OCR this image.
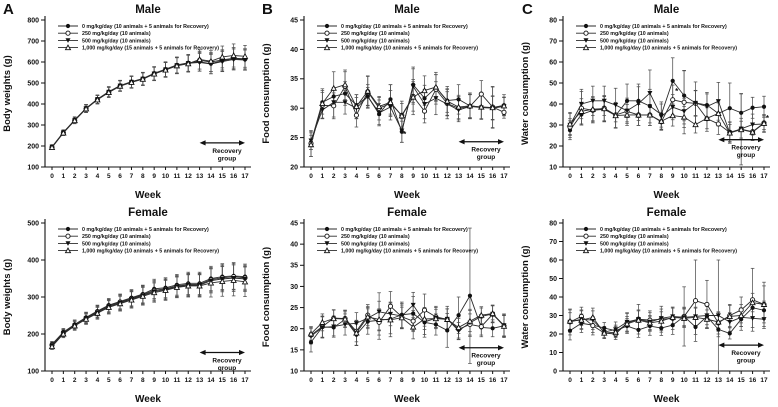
A	B	C
100
200
300
400
500
600
700
800
0 1 2 3 4 5 6 7 8 9 10 11 12 13 14 15 16 17
Male
Week
Body weights (g)
0 mg/kg/day (10 animals + 5 animals for Recovery)
250 mg/kg/day (10 animals)
500 mg/kg/day (10 animals)
1,000 mg/kg/day (15 animals + 5 animals for Recovery)
Recovery
group
20
25
30
35
40
45
0 1 2 3 4 5 6 7 8 9 10 11 12 13 14 15 16 17
Male
Week
Food consumption (g)
0 mg/kg/day (10 animals + 5 animals for Recovery)
250 mg/kg/day (10 animals)
500 mg/kg/day (10 animals)
1,000 mg/kg/day (10 animals + 5 animals for Recovery)
Recovery
group
*
10
20
30
40
50
60
70
80
0 1 2 3 4 5 6 7 8 9 10 11 12 13 14 15 16 17
Male
Week
Water consumption (g)
0 mg/kg/day (10 animals + 5 animals for Recovery)
250 mg/kg/day (10 animals)
500 mg/kg/day (10 animals)
1,000 mg/kg/day (10 animals + 5 animals for Recovery)
Recovery
group
*
*
100
200
300
400
500
0 1 2 3 4 5 6 7 8 9 10 11 12 13 14 15 16 17
Female
Week
Body weights (g)
0 mg/kg/day (10 animals + 5 animals for Recovery)
250 mg/kg/day (10 animals)
500 mg/kg/day (10 animals)
1,000 mg/kg/day (10 animals + 5 animals for Recovery)
Recovery
group	10
15
20
25
30
35
40
45
0 1 2 3 4 5 6 7 8 9 10 11 12 13 14 15 16 17
Female
Week
Food consumption (g)
0 mg/kg/day (10 animals + 5 animals for Recovery)
250 mg/kg/day (10 animals)
500 mg/kg/day (10 animals)
1,000 mg/kg/day (10 animals + 5 animals for Recovery)
Recovery
group
0
10
20
30
40
50
60
70
80
0 1 2 3 4 5 6 7 8 9 10 11 12 13 14 15 16 17
Female
Week
Water consumption (g)
0 mg/kg/day (10 animals + 5 animals for Recovery)
250 mg/kg/day (10 animals)
500 mg/kg/day (10 animals)
1,000 mg/kg/day (10 animals + 5 animals for Recovery)
Recovery
group
